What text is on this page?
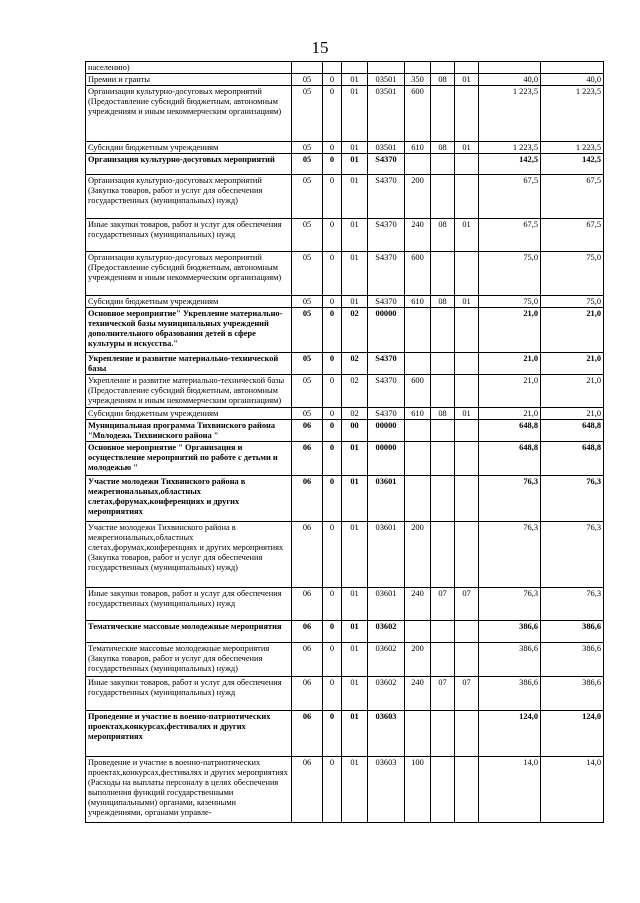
15
населению)									
Премии и гранты	05	0	01	03501	350	08	01	40,0	40,0
Организация культурно-досуговых мероприятий (Предоставление субсидий бюджетным, автономным учреждениям и иным некоммерческим организациям)	05	0	01	03501	600			1 223,5	1 223,5
Субсидии бюджетным учреждениям	05	0	01	03501	610	08	01	1 223,5	1 223,5
Организация культурно-досуговых мероприятий	05	0	01	S4370				142,5	142,5
Организация культурно-досуговых мероприятий (Закупка товаров, работ и услуг для обеспечения государственных (муниципальных) нужд)	05	0	01	S4370	200			67,5	67,5
Иные закупки товаров, работ и услуг для обеспечения государственных (муниципальных) нужд	05	0	01	S4370	240	08	01	67,5	67,5
Организация культурно-досуговых мероприятий (Предоставление субсидий бюджетным, автономным учреждениям и иным некоммерческим организациям)	05	0	01	S4370	600			75,0	75,0
Субсидии бюджетным учреждениям	05	0	01	S4370	610	08	01	75,0	75,0
Основное мероприятие" Укрепление материально-технической базы муниципальных учреждений дополнительного образования детей в сфере культуры и искусства."	05	0	02	00000				21,0	21,0
Укрепление и развитие материально-технической базы	05	0	02	S4370				21,0	21,0
Укрепление и развитие материально-технической базы (Предоставление субсидий бюджетным, автономным учреждениям и иным некоммерческим организациям)	05	0	02	S4370	600			21,0	21,0
Субсидии бюджетным учреждениям	05	0	02	S4370	610	08	01	21,0	21,0
Муниципальная программа Тихвинского района "Молодежь Тихвинского района "	06	0	00	00000				648,8	648,8
Основное мероприятие " Организация и осуществление мероприятий по работе с детьми и молодежью "	06	0	01	00000				648,8	648,8
Участие молодежи Тихвинского района в межрегиональных,областных слетах,форумах,конференциях и других мероприятиях	06	0	01	03601				76,3	76,3
Участие молодежи Тихвинского района в межрегиональных,областных слетах,форумах,конференциях и других мероприятиях (Закупка товаров, работ и услуг для обеспечения государственных (муниципальных) нужд)	06	0	01	03601	200			76,3	76,3
Иные закупки товаров, работ и услуг для обеспечения государственных (муниципальных) нужд	06	0	01	03601	240	07	07	76,3	76,3
Тематические массовые молодежные мероприятия	06	0	01	03602				386,6	386,6
Тематические массовые молодежные мероприятия (Закупка товаров, работ и услуг для обеспечения государственных (муниципальных) нужд)	06	0	01	03602	200			386,6	386,6
Иные закупки товаров, работ и услуг для обеспечения государственных (муниципальных) нужд	06	0	01	03602	240	07	07	386,6	386,6
Проведение и участие в военно-патриотических проектах,конкурсах,фестивалях и других мероприятиях	06	0	01	03603				124,0	124,0
Проведение и участие в военно-патриотических проектах,конкурсах,фестивалях и других мероприятиях (Расходы на выплаты персоналу в целях обеспечения выполнения функций государственными (муниципальными) органами, казенными учреждениями, органами управле-	06	0	01	03603	100			14,0	14,0
